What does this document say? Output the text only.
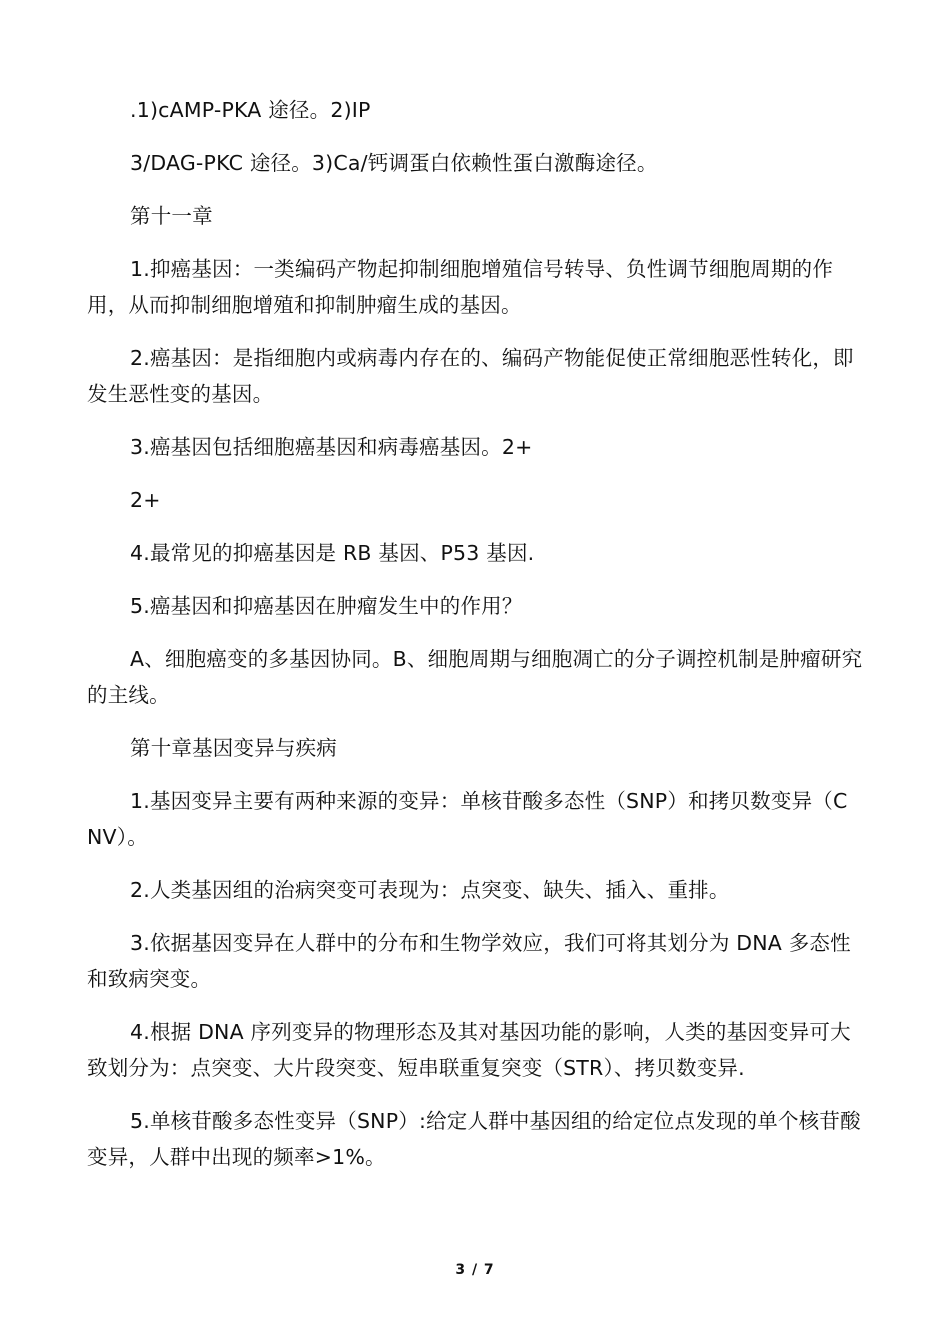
.1)cAMP-PKA 途径。2)IP

3/DAG-PKC 途径。3)Ca/钙调蛋白依赖性蛋白激酶途径。

第十一章

1.抑癌基因：一类编码产物起抑制细胞增殖信号转导、负性调节细胞周期的作用，从而抑制细胞增殖和抑制肿瘤生成的基因。

2.癌基因：是指细胞内或病毒内存在的、编码产物能促使正常细胞恶性转化，即发生恶性变的基因。

3.癌基因包括细胞癌基因和病毒癌基因。2+

2+

4.最常见的抑癌基因是 RB 基因、P53 基因.

5.癌基因和抑癌基因在肿瘤发生中的作用？

A、细胞癌变的多基因协同。B、细胞周期与细胞凋亡的分子调控机制是肿瘤研究的主线。

第十章基因变异与疾病

1.基因变异主要有两种来源的变异：单核苷酸多态性（SNP）和拷贝数变异（CNV）。

2.人类基因组的治病突变可表现为：点突变、缺失、插入、重排。

3.依据基因变异在人群中的分布和生物学效应，我们可将其划分为 DNA 多态性和致病突变。

4.根据 DNA 序列变异的物理形态及其对基因功能的影响，人类的基因变异可大致划分为：点突变、大片段突变、短串联重复突变（STR）、拷贝数变异.

5.单核苷酸多态性变异（SNP）:给定人群中基因组的给定位点发现的单个核苷酸变异，人群中出现的频率>1%。

3 / 7
